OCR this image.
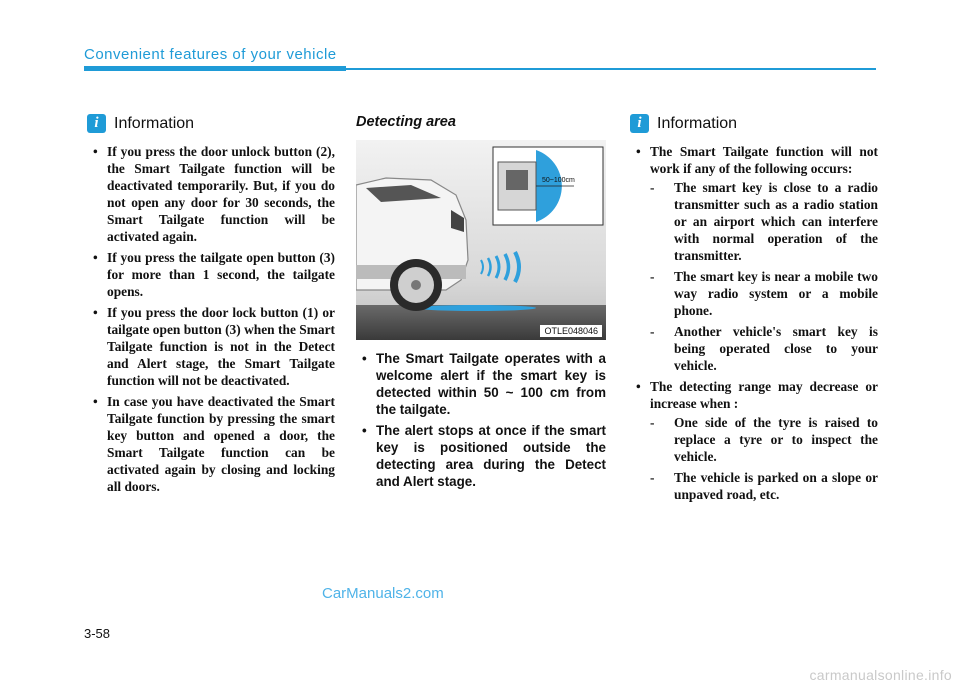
Convenient features of your vehicle
i Information
• If you press the door unlock button (2), the Smart Tailgate function will be deactivated temporarily. But, if you do not open any door for 30 seconds, the Smart Tailgate function will be activated again.
• If you press the tailgate open button (3) for more than 1 second, the tailgate opens.
• If you press the door lock button (1) or tailgate open button (3) when the Smart Tailgate function is not in the Detect and Alert stage, the Smart Tailgate function will not be deactivated.
• In case you have deactivated the Smart Tailgate function by pressing the smart key button and opened a door, the Smart Tailgate function can be activated again by closing and locking all doors.
Detecting area
50~100cm
OTLE048046
• The Smart Tailgate operates with a welcome alert if the smart key is detected within 50 ~ 100 cm from the tailgate.
• The alert stops at once if the smart key is positioned outside the detecting area during the Detect and Alert stage.
i Information
• The Smart Tailgate function will not work if any of the following occurs:
- The smart key is close to a radio transmitter such as a radio station or an airport which can interfere with normal operation of the transmitter.
- The smart key is near a mobile two way radio system or a mobile phone.
- Another vehicle's smart key is being operated close to your vehicle.
• The detecting range may decrease or increase when :
- One side of the tyre is raised to replace a tyre or to inspect the vehicle.
- The vehicle is parked on a slope or unpaved road, etc.
CarManuals2.com
3-58
carmanualsonline.info
